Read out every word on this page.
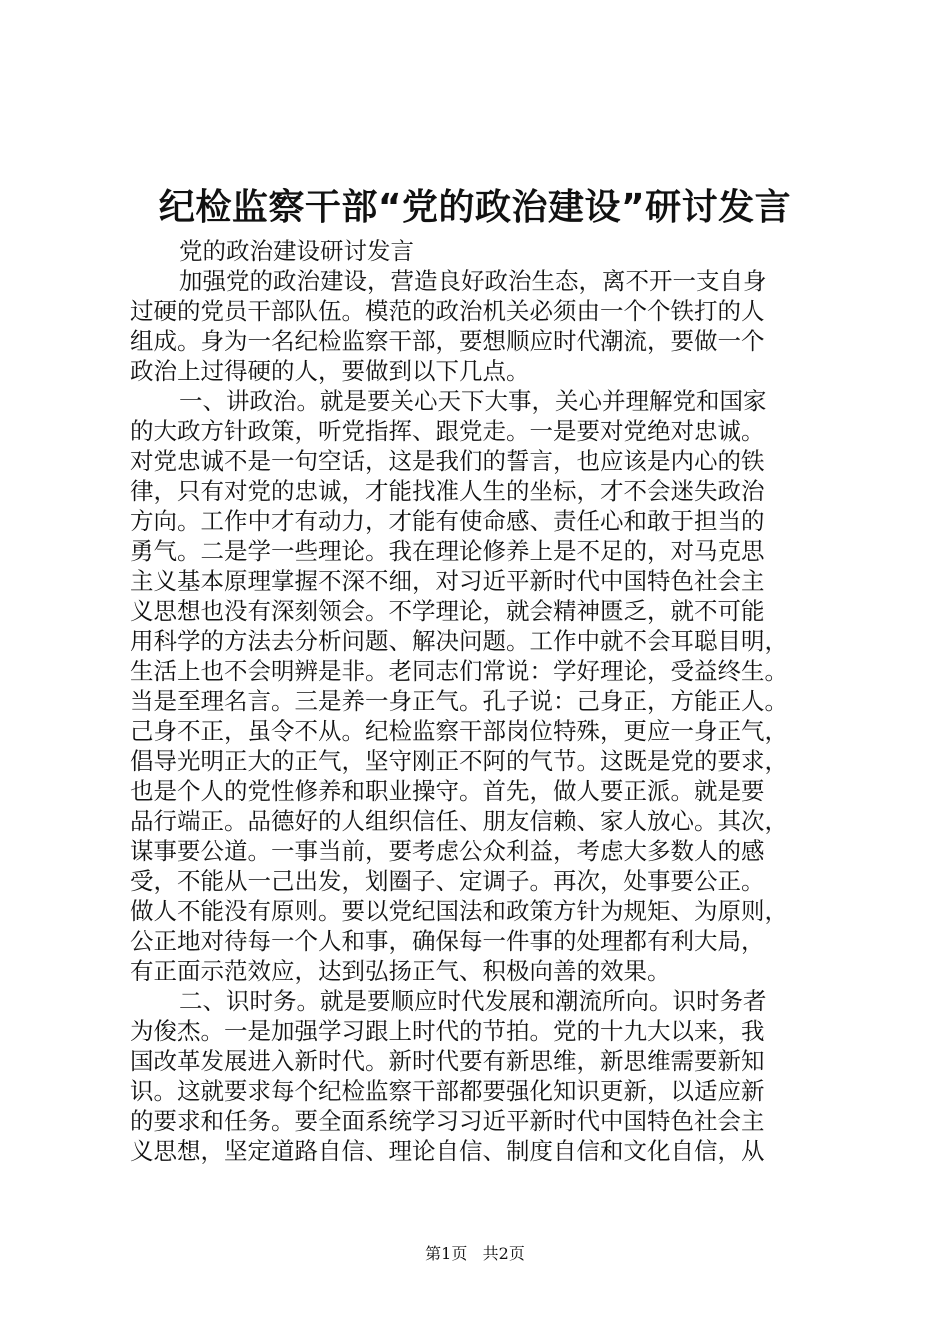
纪检监察干部“党的政治建设”研讨发言
党的政治建设研讨发言
加强党的政治建设，营造良好政治生态，离不开一支自身
过硬的党员干部队伍。模范的政治机关必须由一个个铁打的人
组成。身为一名纪检监察干部，要想顺应时代潮流，要做一个
政治上过得硬的人，要做到以下几点。
一、讲政治。就是要关心天下大事，关心并理解党和国家
的大政方针政策，听党指挥、跟党走。一是要对党绝对忠诚。
对党忠诚不是一句空话，这是我们的誓言，也应该是内心的铁
律，只有对党的忠诚，才能找准人生的坐标，才不会迷失政治
方向。工作中才有动力，才能有使命感、责任心和敢于担当的
勇气。二是学一些理论。我在理论修养上是不足的，对马克思
主义基本原理掌握不深不细，对习近平新时代中国特色社会主
义思想也没有深刻领会。不学理论，就会精神匮乏，就不可能
用科学的方法去分析问题、解决问题。工作中就不会耳聪目明，
生活上也不会明辨是非。老同志们常说：学好理论，受益终生。
当是至理名言。三是养一身正气。孔子说：己身正，方能正人。
己身不正，虽令不从。纪检监察干部岗位特殊，更应一身正气，
倡导光明正大的正气，坚守刚正不阿的气节。这既是党的要求，
也是个人的党性修养和职业操守。首先，做人要正派。就是要
品行端正。品德好的人组织信任、朋友信赖、家人放心。其次，
谋事要公道。一事当前，要考虑公众利益，考虑大多数人的感
受，不能从一己出发，划圈子、定调子。再次，处事要公正。
做人不能没有原则。要以党纪国法和政策方针为规矩、为原则，
公正地对待每一个人和事，确保每一件事的处理都有利大局，
有正面示范效应，达到弘扬正气、积极向善的效果。
二、识时务。就是要顺应时代发展和潮流所向。识时务者
为俊杰。一是加强学习跟上时代的节拍。党的十九大以来，我
国改革发展进入新时代。新时代要有新思维，新思维需要新知
识。这就要求每个纪检监察干部都要强化知识更新，以适应新
的要求和任务。要全面系统学习习近平新时代中国特色社会主
义思想，坚定道路自信、理论自信、制度自信和文化自信，从
第1页 共2页
